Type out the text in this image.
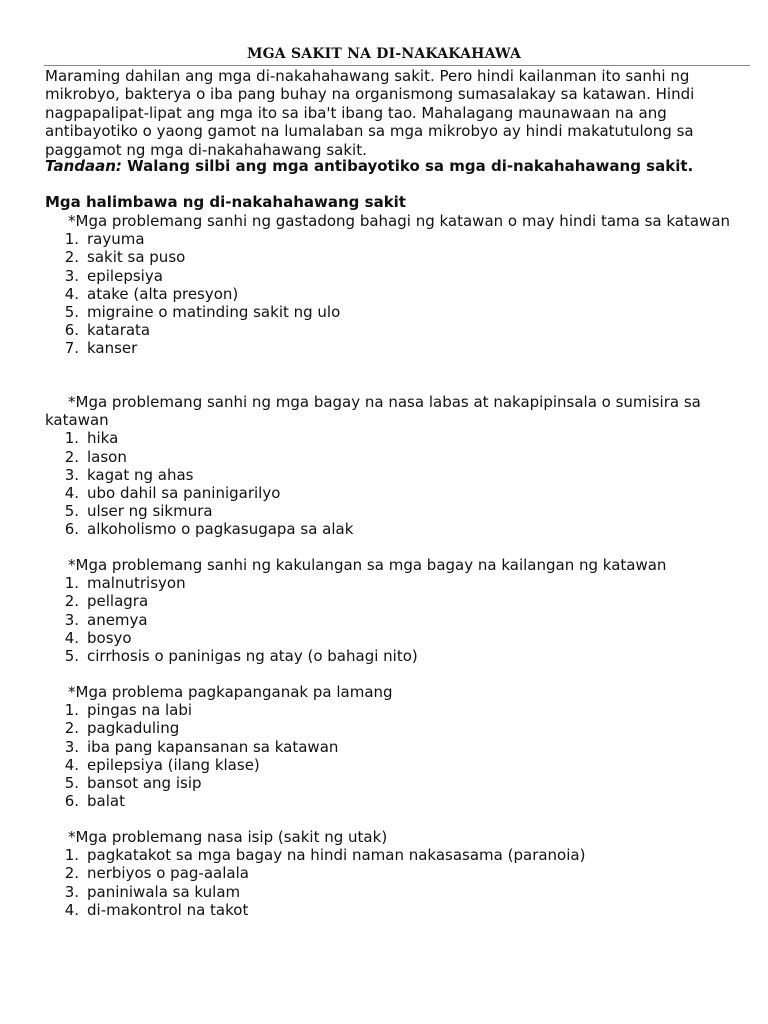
MGA SAKIT NA DI-NAKAKAHAWA

Maraming dahilan ang mga di-nakahahawang sakit. Pero hindi kailanman ito sanhi ng mikrobyo, bakterya o iba pang buhay na organismong sumasalakay sa katawan. Hindi nagpapalipat-lipat ang mga ito sa iba't ibang tao. Mahalagang maunawaan na ang antibayotiko o yaong gamot na lumalaban sa mga mikrobyo ay hindi makatutulong sa paggamot ng mga di-nakahahawang sakit.

Tandaan: Walang silbi ang mga antibayotiko sa mga di-nakahahawang sakit.

Mga halimbawa ng di-nakahahawang sakit

*Mga problemang sanhi ng gastadong bahagi ng katawan o may hindi tama sa katawan

1. rayuma
2. sakit sa puso
3. epilepsiya
4. atake (alta presyon)
5. migraine o matinding sakit ng ulo
6. katarata
7. kanser

*Mga problemang sanhi ng mga bagay na nasa labas at nakapipinsala o sumisira sa katawan

1. hika
2. lason
3. kagat ng ahas
4. ubo dahil sa paninigarilyo
5. ulser ng sikmura
6. alkoholismo o pagkasugapa sa alak

*Mga problemang sanhi ng kakulangan sa mga bagay na kailangan ng katawan

1. malnutrisyon
2. pellagra
3. anemya
4. bosyo
5. cirrhosis o paninigas ng atay (o bahagi nito)

*Mga problema pagkapanganak pa lamang

1. pingas na labi
2. pagkaduling
3. iba pang kapansanan sa katawan
4. epilepsiya (ilang klase)
5. bansot ang isip
6. balat

*Mga problemang nasa isip (sakit ng utak)

1. pagkatakot sa mga bagay na hindi naman nakasasama (paranoia)
2. nerbiyos o pag-aalala
3. paniniwala sa kulam
4. di-makontrol na takot
